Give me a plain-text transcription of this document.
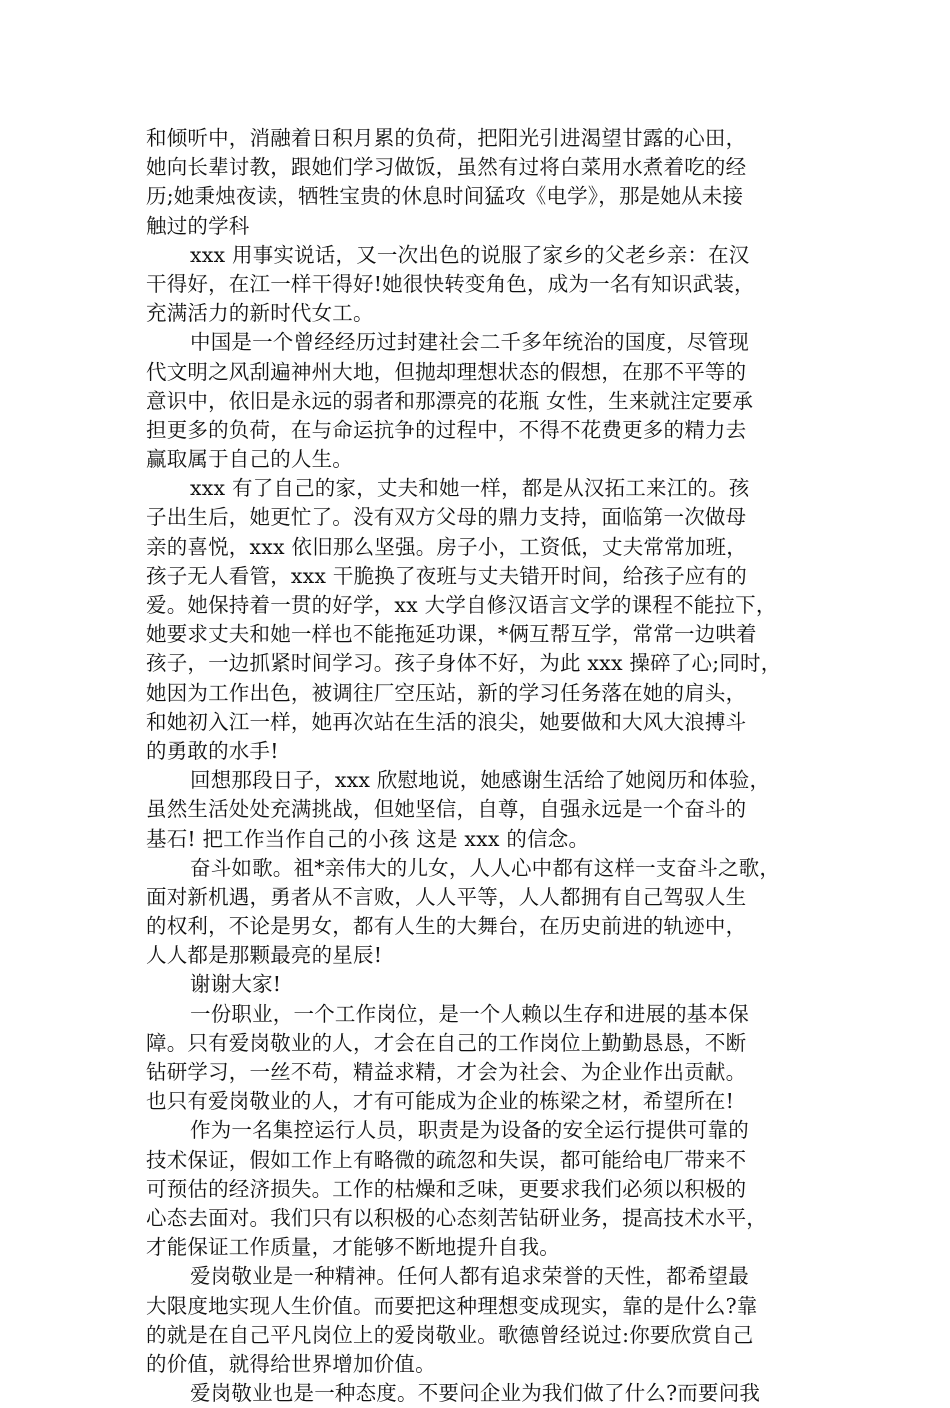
和倾听中，消融着日积月累的负荷，把阳光引进渴望甘露的心田，
她向长辈讨教，跟她们学习做饭，虽然有过将白菜用水煮着吃的经
历;她秉烛夜读，牺牲宝贵的休息时间猛攻《电学》，那是她从未接
触过的学科
xxx 用事实说话，又一次出色的说服了家乡的父老乡亲：在汉
干得好，在江一样干得好!她很快转变角色，成为一名有知识武装，
充满活力的新时代女工。
中国是一个曾经经历过封建社会二千多年统治的国度，尽管现
代文明之风刮遍神州大地，但抛却理想状态的假想，在那不平等的
意识中，依旧是永远的弱者和那漂亮的花瓶 女性，生来就注定要承
担更多的负荷，在与命运抗争的过程中，不得不花费更多的精力去
赢取属于自己的人生。
xxx 有了自己的家，丈夫和她一样，都是从汉拓工来江的。孩
子出生后，她更忙了。没有双方父母的鼎力支持，面临第一次做母
亲的喜悦，xxx 依旧那么坚强。房子小，工资低，丈夫常常加班，
孩子无人看管，xxx 干脆换了夜班与丈夫错开时间，给孩子应有的
爱。她保持着一贯的好学，xx 大学自修汉语言文学的课程不能拉下，
她要求丈夫和她一样也不能拖延功课，*俩互帮互学，常常一边哄着
孩子，一边抓紧时间学习。孩子身体不好，为此 xxx 操碎了心;同时，
她因为工作出色，被调往厂空压站，新的学习任务落在她的肩头，
和她初入江一样，她再次站在生活的浪尖，她要做和大风大浪搏斗
的勇敢的水手!
回想那段日子，xxx 欣慰地说，她感谢生活给了她阅历和体验，
虽然生活处处充满挑战，但她坚信，自尊，自强永远是一个奋斗的
基石! 把工作当作自己的小孩 这是 xxx 的信念。
奋斗如歌。祖*亲伟大的儿女，人人心中都有这样一支奋斗之歌，
面对新机遇，勇者从不言败，人人平等，人人都拥有自己驾驭人生
的权利，不论是男女，都有人生的大舞台，在历史前进的轨迹中，
人人都是那颗最亮的星辰!
谢谢大家!
一份职业，一个工作岗位，是一个人赖以生存和进展的基本保
障。只有爱岗敬业的人，才会在自己的工作岗位上勤勤恳恳，不断
钻研学习，一丝不苟，精益求精，才会为社会、为企业作出贡献。
也只有爱岗敬业的人，才有可能成为企业的栋梁之材，希望所在!
作为一名集控运行人员，职责是为设备的安全运行提供可靠的
技术保证，假如工作上有略微的疏忽和失误，都可能给电厂带来不
可预估的经济损失。工作的枯燥和乏味，更要求我们必须以积极的
心态去面对。我们只有以积极的心态刻苦钻研业务，提高技术水平，
才能保证工作质量，才能够不断地提升自我。
爱岗敬业是一种精神。任何人都有追求荣誉的天性，都希望最
大限度地实现人生价值。而要把这种理想变成现实，靠的是什么?靠
的就是在自己平凡岗位上的爱岗敬业。歌德曾经说过:你要欣赏自己
的价值，就得给世界增加价值。
爱岗敬业也是一种态度。不要问企业为我们做了什么?而要问我
